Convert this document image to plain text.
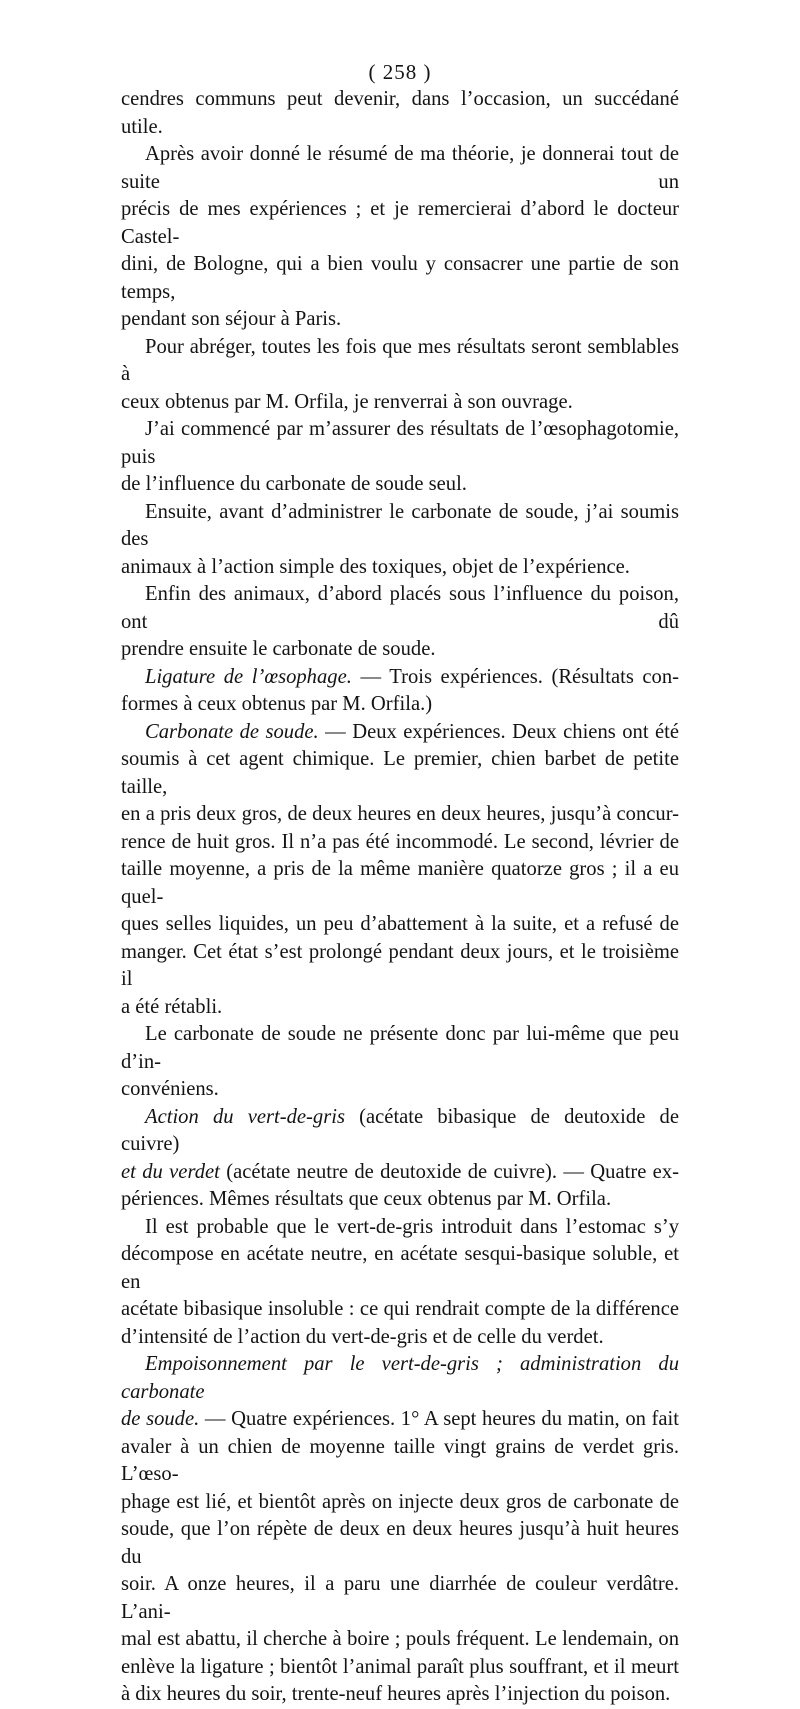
( 258 )

cendres communs peut devenir, dans l’occasion, un succédané utile.

Après avoir donné le résumé de ma théorie, je donnerai tout de suite un
précis de mes expériences ; et je remercierai d’abord le docteur Castel-
dini, de Bologne, qui a bien voulu y consacrer une partie de son temps,
pendant son séjour à Paris.

Pour abréger, toutes les fois que mes résultats seront semblables à
ceux obtenus par M. Orfila, je renverrai à son ouvrage.

J’ai commencé par m’assurer des résultats de l’œsophagotomie, puis
de l’influence du carbonate de soude seul.

Ensuite, avant d’administrer le carbonate de soude, j’ai soumis des
animaux à l’action simple des toxiques, objet de l’expérience.

Enfin des animaux, d’abord placés sous l’influence du poison, ont dû
prendre ensuite le carbonate de soude.

Ligature de l’œsophage. — Trois expériences. (Résultats con-
formes à ceux obtenus par M. Orfila.)

Carbonate de soude. — Deux expériences. Deux chiens ont été
soumis à cet agent chimique. Le premier, chien barbet de petite taille,
en a pris deux gros, de deux heures en deux heures, jusqu’à concur-
rence de huit gros. Il n’a pas été incommodé. Le second, lévrier de
taille moyenne, a pris de la même manière quatorze gros ; il a eu quel-
ques selles liquides, un peu d’abattement à la suite, et a refusé de
manger. Cet état s’est prolongé pendant deux jours, et le troisième il
a été rétabli.

Le carbonate de soude ne présente donc par lui-même que peu d’in-
convéniens.

Action du vert-de-gris (acétate bibasique de deutoxide de cuivre)
et du verdet (acétate neutre de deutoxide de cuivre). — Quatre ex-
périences. Mêmes résultats que ceux obtenus par M. Orfila.

Il est probable que le vert-de-gris introduit dans l’estomac s’y
décompose en acétate neutre, en acétate sesqui-basique soluble, et en
acétate bibasique insoluble : ce qui rendrait compte de la différence
d’intensité de l’action du vert-de-gris et de celle du verdet.

Empoisonnement par le vert-de-gris ; administration du carbonate
de soude. — Quatre expériences. 1° A sept heures du matin, on fait
avaler à un chien de moyenne taille vingt grains de verdet gris. L’œso-
phage est lié, et bientôt après on injecte deux gros de carbonate de
soude, que l’on répète de deux en deux heures jusqu’à huit heures du
soir. A onze heures, il a paru une diarrhée de couleur verdâtre. L’ani-
mal est abattu, il cherche à boire ; pouls fréquent. Le lendemain, on
enlève la ligature ; bientôt l’animal paraît plus souffrant, et il meurt
à dix heures du soir, trente-neuf heures après l’injection du poison.
